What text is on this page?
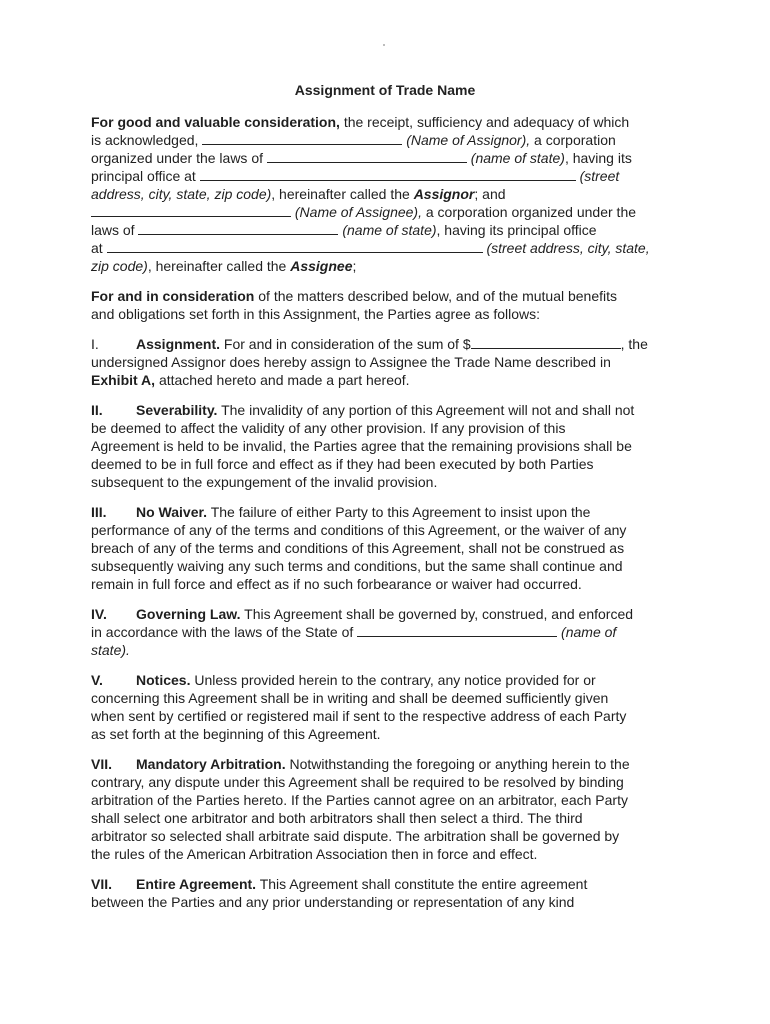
Assignment of Trade Name
For good and valuable consideration, the receipt, sufficiency and adequacy of which
is acknowledged,	(Name of Assignor), a corporation
organized under the laws of	(name of state), having its
principal office at	(street
address, city, state, zip code), hereinafter called the Assignor; and
(Name of Assignee), a corporation organized under the
laws of	(name of state), having its principal office
at	(street address, city, state,
zip code), hereinafter called the Assignee;
For and in consideration of the matters described below, and of the mutual benefits
and obligations set forth in this Assignment, the Parties agree as follows:
I.	Assignment. For and in consideration of the sum of $	, the
undersigned Assignor does hereby assign to Assignee the Trade Name described in
Exhibit A, attached hereto and made a part hereof.
II. Severability. The invalidity of any portion of this Agreement will not and shall not
be deemed to affect the validity of any other provision. If any provision of this
Agreement is held to be invalid, the Parties agree that the remaining provisions shall be
deemed to be in full force and effect as if they had been executed by both Parties
subsequent to the expungement of the invalid provision.
III. No Waiver. The failure of either Party to this Agreement to insist upon the
performance of any of the terms and conditions of this Agreement, or the waiver of any
breach of any of the terms and conditions of this Agreement, shall not be construed as
subsequently waiving any such terms and conditions, but the same shall continue and
remain in full force and effect as if no such forbearance or waiver had occurred.
IV. Governing Law. This Agreement shall be governed by, construed, and enforced
in accordance with the laws of the State of	(name of
state).
V. Notices. Unless provided herein to the contrary, any notice provided for or
concerning this Agreement shall be in writing and shall be deemed sufficiently given
when sent by certified or registered mail if sent to the respective address of each Party
as set forth at the beginning of this Agreement.
VII. Mandatory Arbitration. Notwithstanding the foregoing or anything herein to the
contrary, any dispute under this Agreement shall be required to be resolved by binding
arbitration of the Parties hereto. If the Parties cannot agree on an arbitrator, each Party
shall select one arbitrator and both arbitrators shall then select a third. The third
arbitrator so selected shall arbitrate said dispute. The arbitration shall be governed by
the rules of the American Arbitration Association then in force and effect.
VII. Entire Agreement. This Agreement shall constitute the entire agreement
between the Parties and any prior understanding or representation of any kind
